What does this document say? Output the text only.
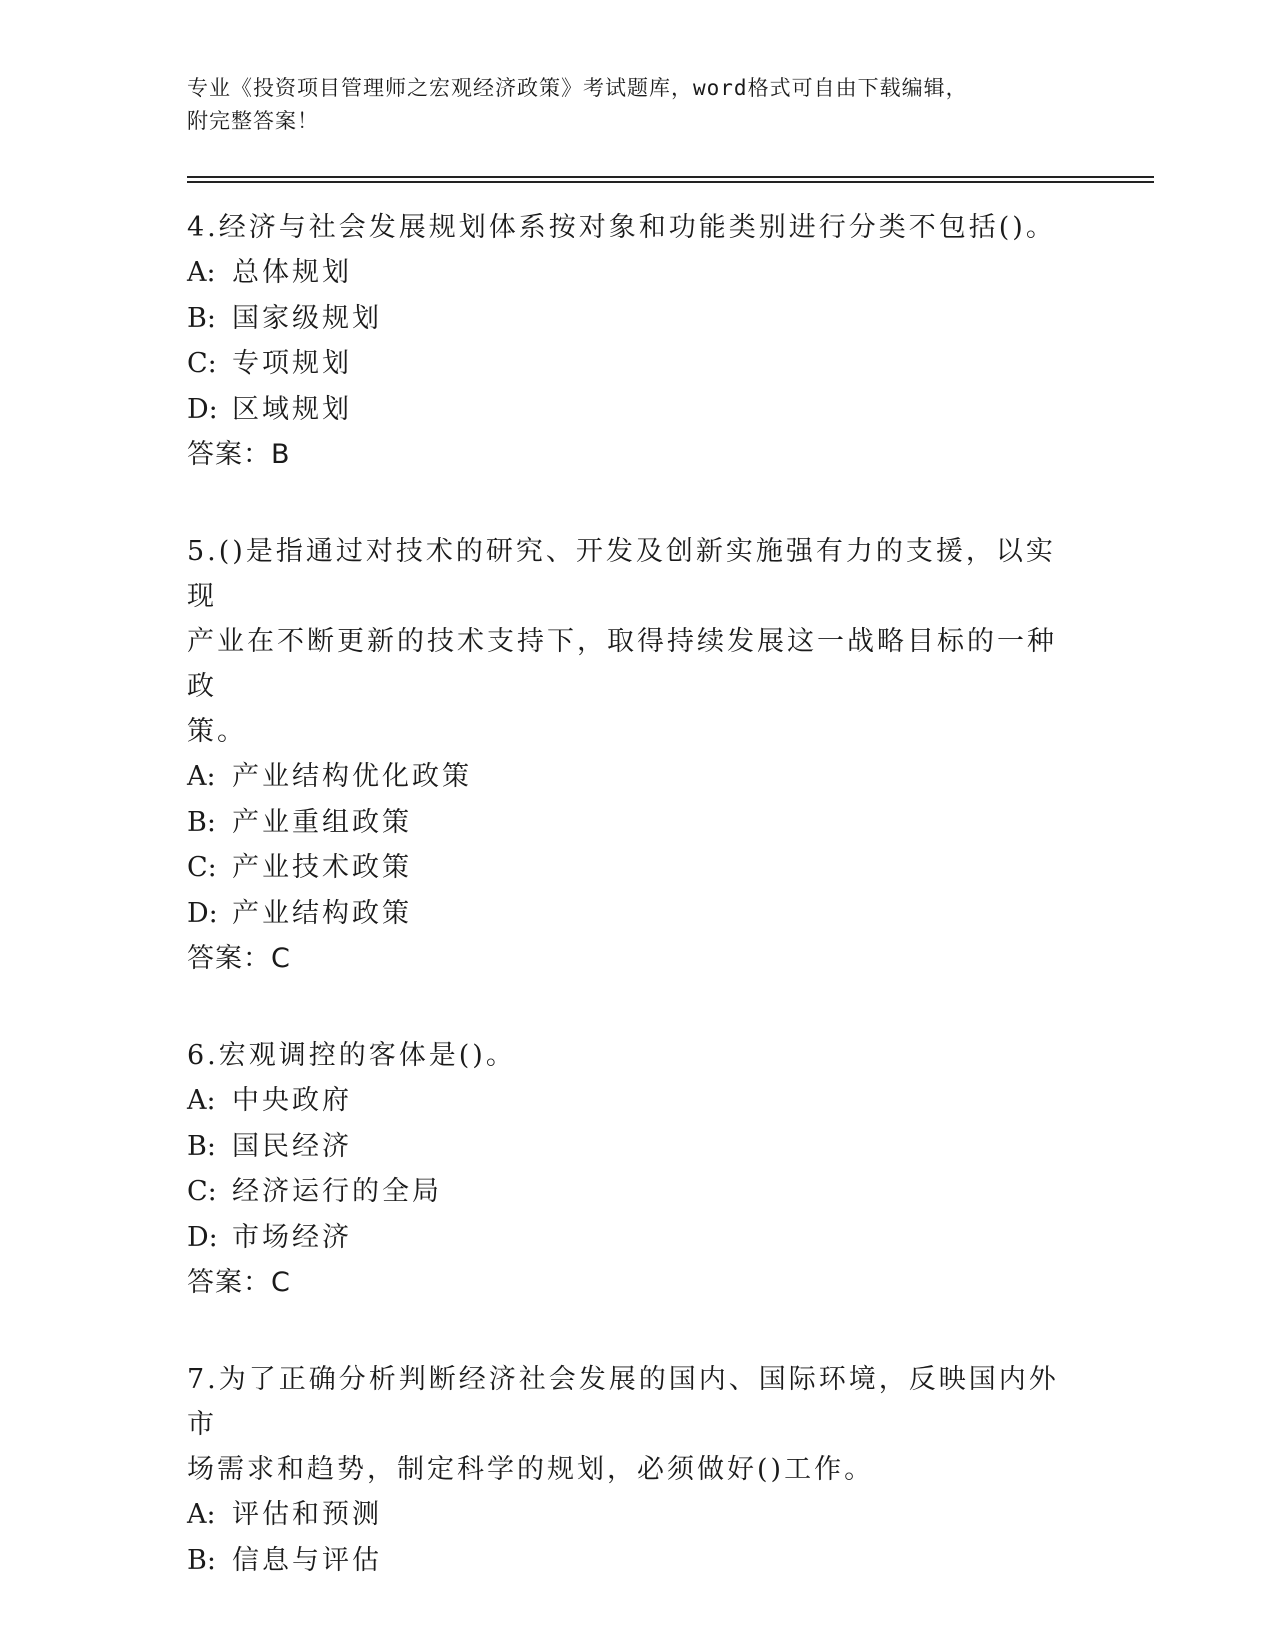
专业《投资项目管理师之宏观经济政策》考试题库，word格式可自由下载编辑，
附完整答案！

4.经济与社会发展规划体系按对象和功能类别进行分类不包括()。

A: 总体规划

B: 国家级规划

C: 专项规划

D: 区域规划

答案：B

5.()是指通过对技术的研究、开发及创新实施强有力的支援，以实现

产业在不断更新的技术支持下，取得持续发展这一战略目标的一种政

策。

A: 产业结构优化政策

B: 产业重组政策

C: 产业技术政策

D: 产业结构政策

答案：C

6.宏观调控的客体是()。

A: 中央政府

B: 国民经济

C: 经济运行的全局

D: 市场经济

答案：C

7.为了正确分析判断经济社会发展的国内、国际环境，反映国内外市

场需求和趋势，制定科学的规划，必须做好()工作。

A: 评估和预测

B: 信息与评估
